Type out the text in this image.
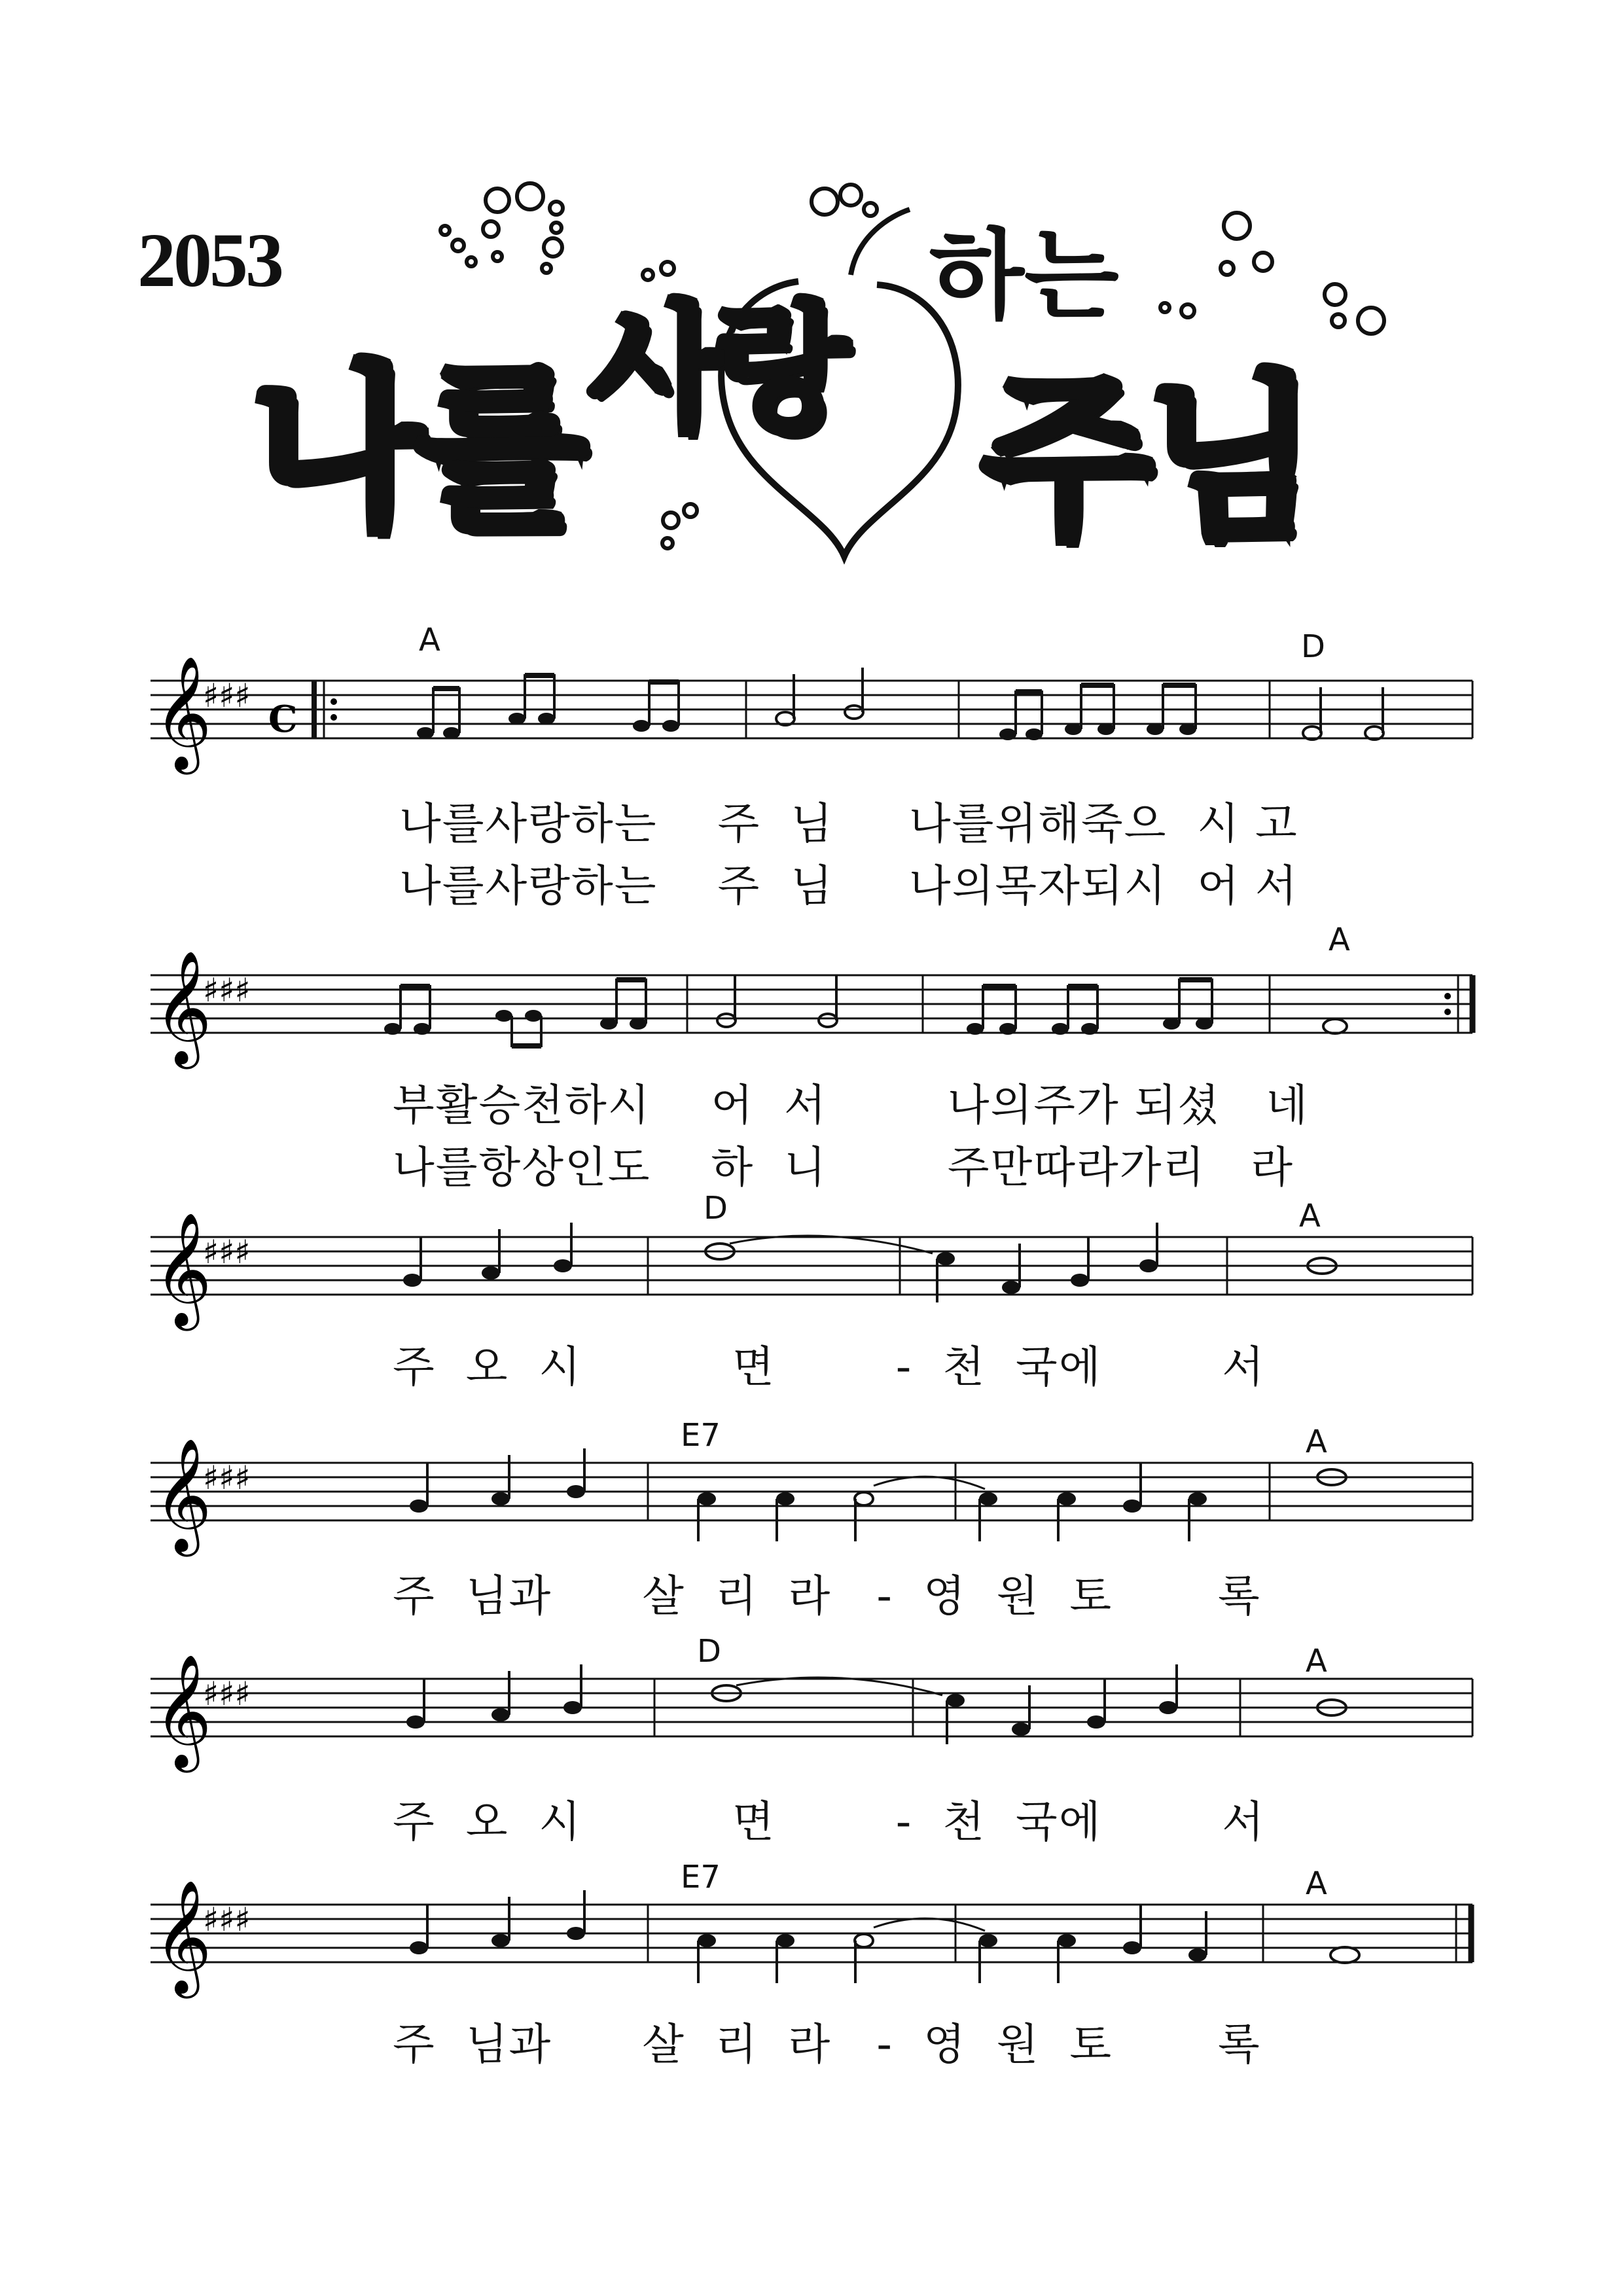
2053	하는
나를 사랑 주님
A	D
𝄞
♯♯♯
C
나를사랑하는    주  님     나를위해죽으  시 고
나를사랑하는    주  님     나의목자되시  어 서
A
𝄞
♯♯♯
부활승천하시    어  서        나의주가 되셨   네
나를항상인도    하  니        주만따라가리   라
D	A
𝄞
♯♯♯
주  오  시          면        -  천  국에        서
E7	A
𝄞
♯♯♯
주  님과      살  리  라   -  영  원  토       록
D	A
𝄞
♯♯♯
주  오  시          면        -  천  국에        서
E7	A
𝄞
♯♯♯
주  님과      살  리  라   -  영  원  토       록
